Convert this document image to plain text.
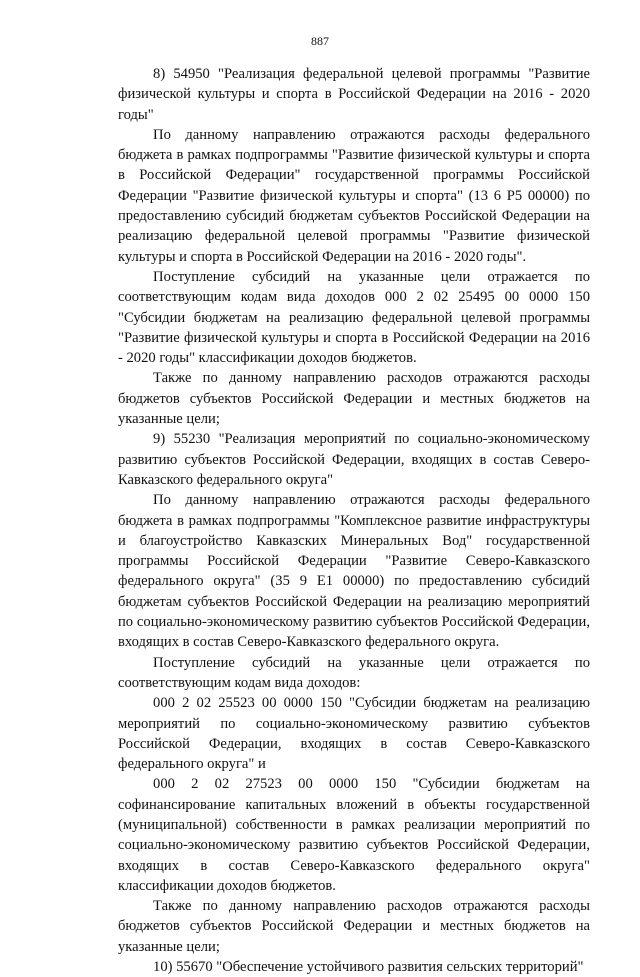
887

8) 54950 "Реализация федеральной целевой программы "Развитие физической культуры и спорта в Российской Федерации на 2016 - 2020 годы"

По данному направлению отражаются расходы федерального бюджета в рамках подпрограммы "Развитие физической культуры и спорта в Российской Федерации" государственной программы Российской Федерации "Развитие физической культуры и спорта" (13 6 Р5 00000) по предоставлению субсидий бюджетам субъектов Российской Федерации на реализацию федеральной целевой программы "Развитие физической культуры и спорта в Российской Федерации на 2016 - 2020 годы".

Поступление субсидий на указанные цели отражается по соответствующим кодам вида доходов 000 2 02 25495 00 0000 150 "Субсидии бюджетам на реализацию федеральной целевой программы "Развитие физической культуры и спорта в Российской Федерации на 2016 - 2020 годы" классификации доходов бюджетов.

Также по данному направлению расходов отражаются расходы бюджетов субъектов Российской Федерации и местных бюджетов на указанные цели;

9) 55230 "Реализация мероприятий по социально-экономическому развитию субъектов Российской Федерации, входящих в состав Северо-Кавказского федерального округа"

По данному направлению отражаются расходы федерального бюджета в рамках подпрограммы "Комплексное развитие инфраструктуры и благоустройство Кавказских Минеральных Вод" государственной программы Российской Федерации "Развитие Северо-Кавказского федерального округа" (35 9 Е1 00000) по предоставлению субсидий бюджетам субъектов Российской Федерации на реализацию мероприятий по социально-экономическому развитию субъектов Российской Федерации, входящих в состав Северо-Кавказского федерального округа.

Поступление субсидий на указанные цели отражается по соответствующим кодам вида доходов:

000 2 02 25523 00 0000 150 "Субсидии бюджетам на реализацию мероприятий по социально-экономическому развитию субъектов Российской Федерации, входящих в состав Северо-Кавказского федерального округа" и

000 2 02 27523 00 0000 150 "Субсидии бюджетам на софинансирование капитальных вложений в объекты государственной (муниципальной) собственности в рамках реализации мероприятий по социально-экономическому развитию субъектов Российской Федерации, входящих в состав Северо-Кавказского федерального округа" классификации доходов бюджетов.

Также по данному направлению расходов отражаются расходы бюджетов субъектов Российской Федерации и местных бюджетов на указанные цели;

10) 55670 "Обеспечение устойчивого развития сельских территорий"
